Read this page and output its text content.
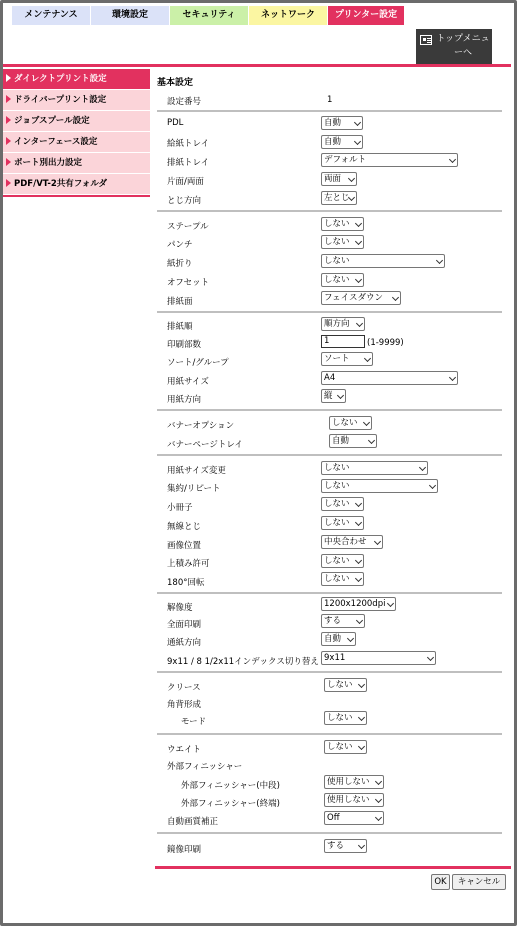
メンテナンス	環境設定	セキュリティ	ネットワーク	プリンター設定
トップメニューへ
ダイレクトプリント設定
ドライバープリント設定
ジョブスプール設定
インターフェース設定
ポート別出力設定
PDF/VT-2共有フォルダ
基本設定
設定番号	1
PDL	自動
給紙トレイ	自動
排紙トレイ	デフォルト
片面/両面	両面
とじ方向	左とじ
ステープル	しない
パンチ	しない
紙折り	しない
オフセット	しない
排紙面	フェイスダウン
排紙順	順方向
印刷部数	1	(1-9999)
ソート/グループ	ソート
用紙サイズ	A4
用紙方向	縦
バナーオプション	しない
バナーページトレイ	自動
用紙サイズ変更	しない
集約/リピート	しない
小冊子	しない
無線とじ	しない
画像位置	中央合わせ
上積み許可	しない
180°回転	しない
解像度	1200x1200dpi
全面印刷	する
通紙方向	自動
9x11 / 8 1/2x11インデックス切り替え 9x11
クリース	しない
角背形成
モード	しない
ウエイト	しない
外部フィニッシャー
外部フィニッシャー(中段)	使用しない
外部フィニッシャー(終端)	使用しない
自動画質補正	Off
鏡像印刷	する
OK	キャンセル
